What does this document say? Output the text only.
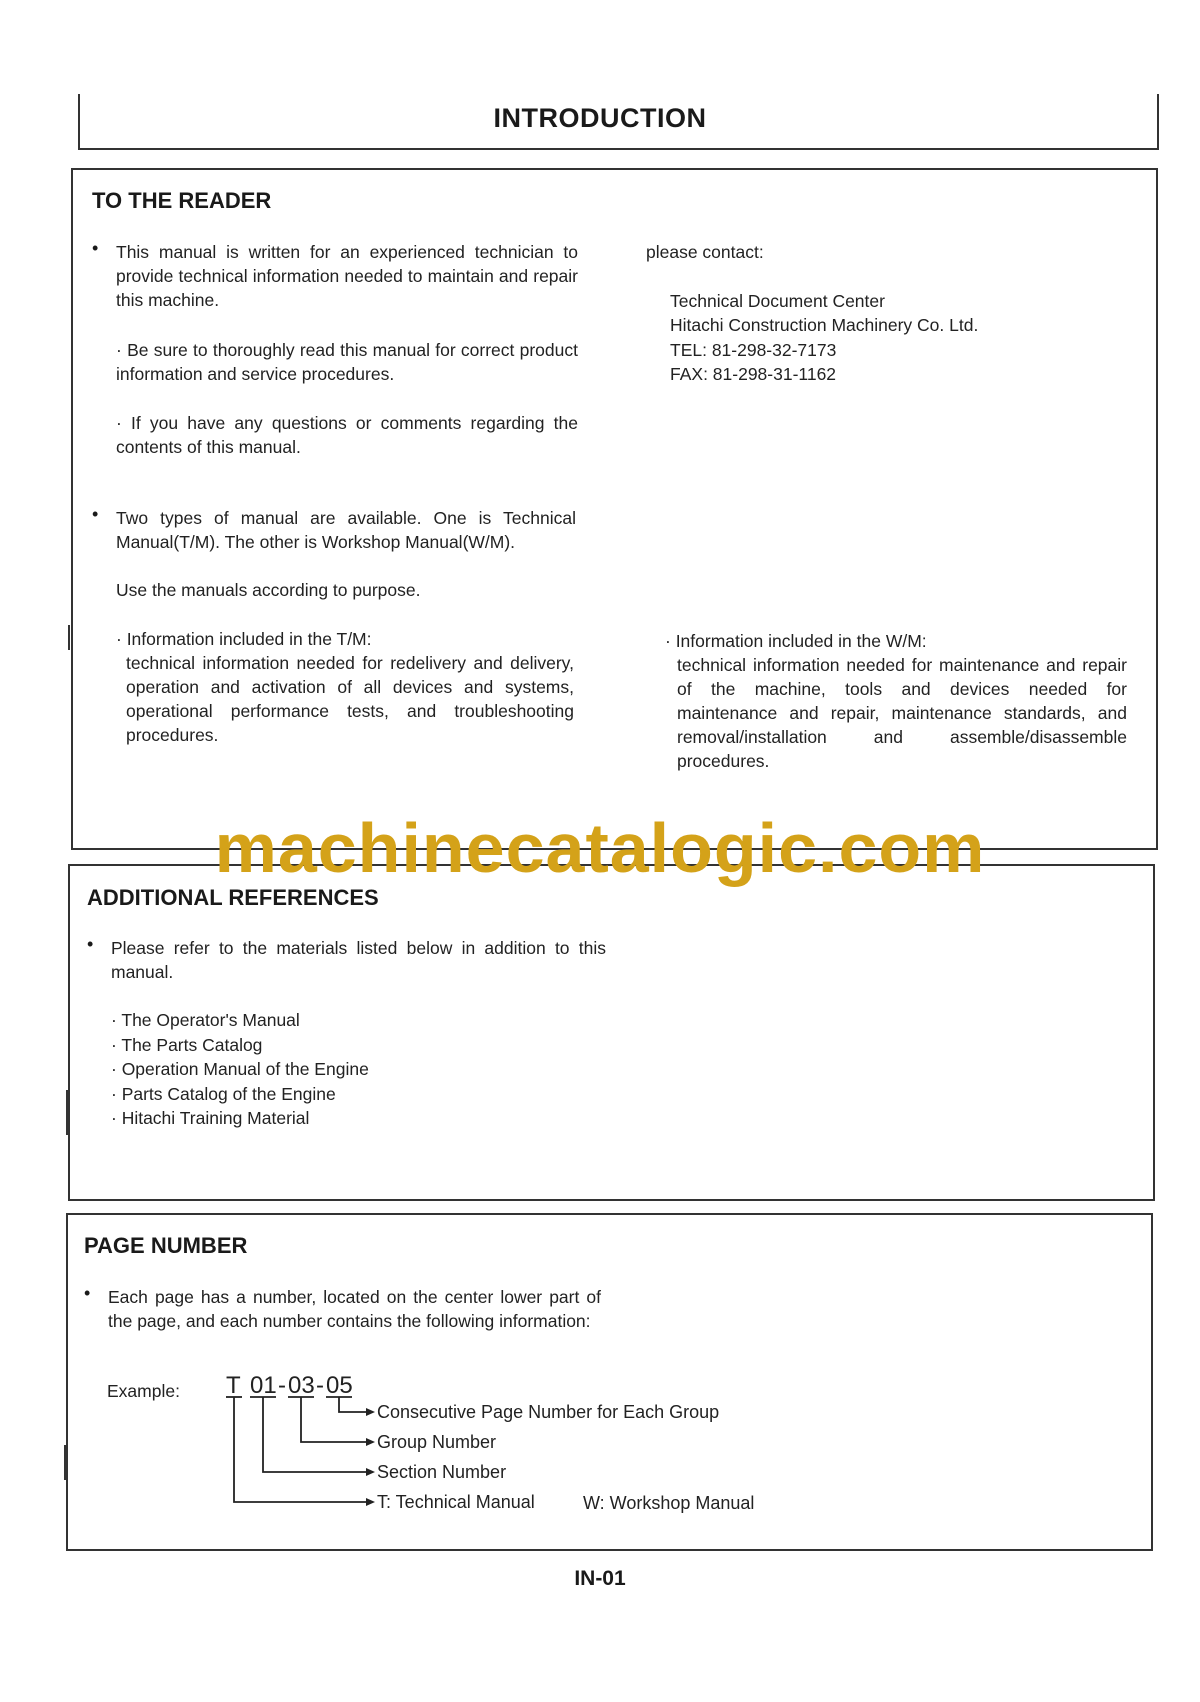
INTRODUCTION
TO THE READER
• This manual is written for an experienced technician to provide technical information needed to maintain and repair this machine.
· Be sure to thoroughly read this manual for correct product information and service procedures.
· If you have any questions or comments regarding the contents of this manual.
• Two types of manual are available. One is Technical Manual(T/M). The other is Workshop Manual(W/M).
Use the manuals according to purpose.
· Information included in the T/M:
technical information needed for redelivery and delivery, operation and activation of all devices and systems, operational performance tests, and troubleshooting procedures.
please contact:
Technical Document Center
Hitachi Construction Machinery Co. Ltd.
TEL: 81-298-32-7173
FAX: 81-298-31-1162
· Information included in the W/M:
technical information needed for maintenance and repair of the machine, tools and devices needed for maintenance and repair, maintenance standards, and removal/installation and assemble/disassemble procedures.
ADDITIONAL REFERENCES
• Please refer to the materials listed below in addition to this manual.
· The Operator's Manual
· The Parts Catalog
· Operation Manual of the Engine
· Parts Catalog of the Engine
· Hitachi Training Material
PAGE NUMBER
• Each page has a number, located on the center lower part of the page, and each number contains the following information:
Example: T 01 - 03 - 05
Consecutive Page Number for Each Group
Group Number
Section Number
T: Technical Manual	W: Workshop Manual
machinecatalogic.com
IN-01
